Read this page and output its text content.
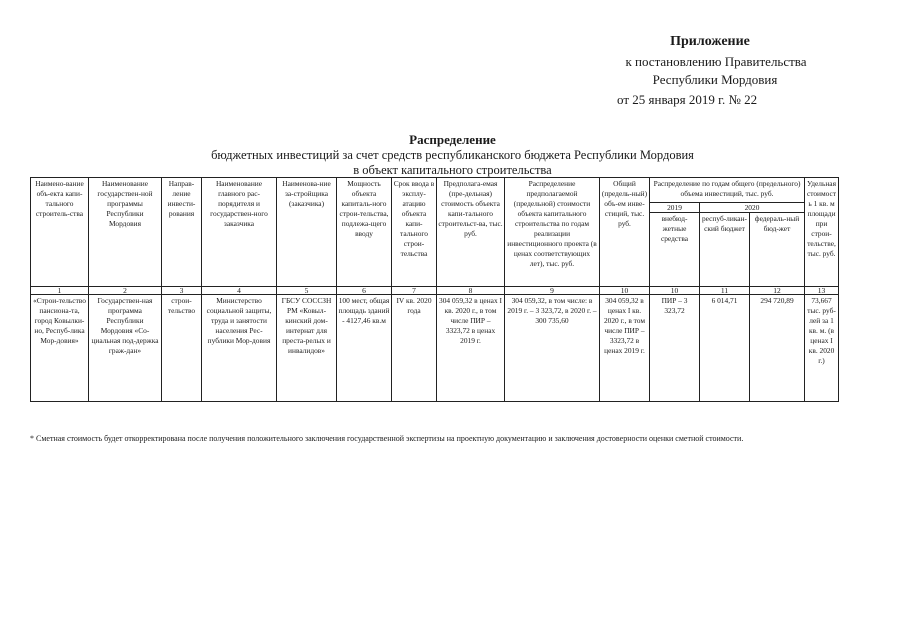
Приложение
к постановлению Правительства
Республики Мордовия
от 25 января 2019 г. № 22
Распределение
бюджетных инвестиций за счет средств республиканского бюджета Республики Мордовия
в объект капитального строительства
Наимено-вание объ-екта капи-тального строитель-ства	Наименование государствен-ной программы Республики Мордовия	Направ-ление инвести-рования	Наименование главного рас-порядителя и государствен-ного заказчика	Наименова-ние за-стройщика (заказчика)	Мощность объекта капиталь-ного строи-тельства, подлежа-щего вводу	Срок ввода в эксплу-атацию объекта капи-тального строи-тельства	Предполага-емая (пре-дельная) стоимость объекта капи-тального строительст-ва, тыс. руб.	Распределение предполагаемой (предельной) стоимости объекта капитального строительства по годам реализации инвестиционного проекта (в ценах соответствующих лет), тыс. руб.	Общий (предель-ный) объ-ем инве-стиций, тыс. руб.	Распределение по годам общего (предельного) объема инвестиций, тыс. руб.			Удельная стоимость 1 кв. м площади при строи-тельстве, тыс. руб.
										2019	2020		
										внебюд-жетные средства	респуб-ликан-ский бюджет	федераль-ный бюд-жет	
1	2	3	4	5	6	7	8	9	10	10	11	12	13
«Строи-тельство пансиона-та, город Ковылки-но, Респуб-лика Мор-довия»	Государствен-ная программа Республики Мордовия «Со-циальная под-держка граж-дан»	строи-тельство	Министерство социальной защиты, труда и занятости населения Рес-публики Мор-довия	ГБСУ СОССЗН РМ «Ковыл-кинский дом-интернат для преста-релых и инвалидов»	100 мест, общая площадь зданий - 4127,46 кв.м	IV кв. 2020 года	304 059,32 в ценах I кв. 2020 г., в том числе ПИР – 3323,72 в ценах 2019 г.	304 059,32, в том числе: в 2019 г. – 3 323,72, в 2020 г. – 300 735,60	304 059,32 в ценах I кв. 2020 г., в том числе ПИР – 3323,72 в ценах 2019 г.	ПИР – 3 323,72	6 014,71	294 720,89	73,667 тыс. руб-лей за 1 кв. м. (в ценах I кв. 2020 г.)
* Сметная стоимость будет откорректирована после получения положительного заключения государственной экспертизы на проектную документацию и заключения достоверности оценки сметной стоимости.
